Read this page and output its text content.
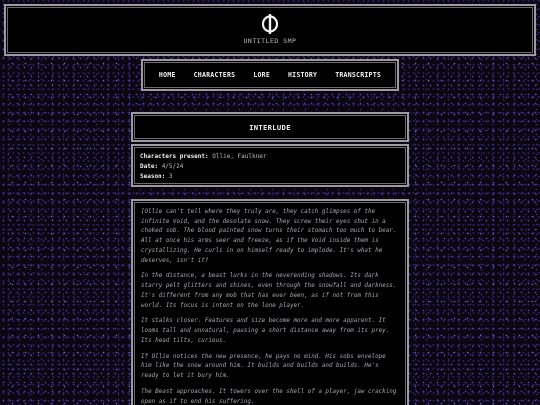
UNTITLED SMP
HOME	CHARACTERS	LORE	HISTORY	TRANSCRIPTS
INTERLUDE
Characters present: Ollie, Faulkner
Date: 4/5/24
Season: 3

[Ollie can't tell where they truly are, they catch glimpses of the infinite Void, and the desolate snow. They screw their eyes shut in a choked sob. The blood painted snow turns their stomach too much to bear. All at once his arms seer and freeze, as if the Void inside them is crystallizing. He curls in on himself ready to implode. It's what he deserves, isn't it?

In the distance, a beast lurks in the neverending shadows. Its dark starry pelt glitters and shines, even through the snowfall and darkness. It's different from any mob that has ever been, as if not from this world. Its focus is intent on the lone player.

It stalks closer. Features and size become more and more apparent. It looms tall and unnatural, pausing a short distance away from its prey. Its head tilts, curious.

If Ollie notices the new presence, he pays no mind. His sobs envelope him like the snow around him. It builds and builds and builds. He's ready to let it bury him.

The Beast approaches. It towers over the shell of a player, jaw cracking open as if to end his suffering.
